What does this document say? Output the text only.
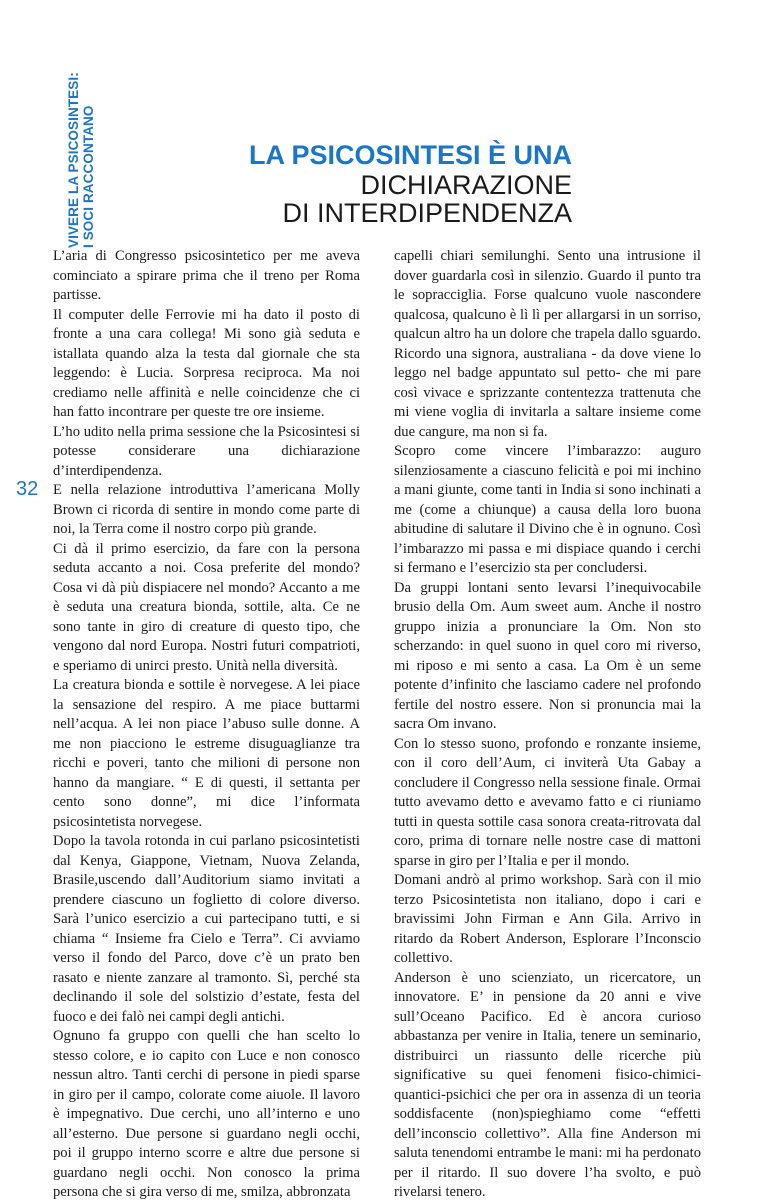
VIVERE LA PSICOSINTESI: I SOCI RACCONTANO	LA PSICOSINTESI È UNA
DICHIARAZIONE
DI INTERDIPENDENZA
32

L’aria di Congresso psicosintetico per me aveva cominciato a spirare prima che il treno per Roma partisse.

Il computer delle Ferrovie mi ha dato il posto di fronte a una cara collega! Mi sono già seduta e istallata quando alza la testa dal giornale che sta leggendo: è Lucia. Sorpresa reciproca. Ma noi crediamo nelle affinità e nelle coincidenze che ci han fatto incontrare per queste tre ore insieme.

L’ho udito nella prima sessione che la Psicosintesi si potesse considerare una dichiarazione d’interdipendenza.

E nella relazione introduttiva l’americana Molly Brown ci ricorda di sentire in mondo come parte di noi, la Terra come il nostro corpo più grande.

Ci dà il primo esercizio, da fare con la persona seduta accanto a noi. Cosa preferite del mondo? Cosa vi dà più dispiacere nel mondo? Accanto a me è seduta una creatura bionda, sottile, alta. Ce ne sono tante in giro di creature di questo tipo, che vengono dal nord Europa. Nostri futuri compatrioti, e speriamo di unirci presto. Unità nella diversità.

La creatura bionda e sottile è norvegese. A lei piace la sensazione del respiro. A me piace buttarmi nell’acqua. A lei non piace l’abuso sulle donne. A me non piacciono le estreme disuguaglianze tra ricchi e poveri, tanto che milioni di persone non hanno da mangiare. “ E di questi, il settanta per cento sono donne”, mi dice l’informata psicosintetista norvegese.

Dopo la tavola rotonda in cui parlano psicosintetisti dal Kenya, Giappone, Vietnam, Nuova Zelanda, Brasile,uscendo dall’Auditorium siamo invitati a prendere ciascuno un foglietto di colore diverso. Sarà l’unico esercizio a cui partecipano tutti, e si chiama “ Insieme fra Cielo e Terra”. Ci avviamo verso il fondo del Parco, dove c’è un prato ben rasato e niente zanzare al tramonto. Sì, perché sta declinando il sole del solstizio d’estate, festa del fuoco e dei falò nei campi degli antichi.

Ognuno fa gruppo con quelli che han scelto lo stesso colore, e io capito con Luce e non conosco nessun altro. Tanti cerchi di persone in piedi sparse in giro per il campo, colorate come aiuole. Il lavoro è impegnativo. Due cerchi, uno all’interno e uno all’esterno. Due persone si guardano negli occhi, poi il gruppo interno scorre e altre due persone si guardano negli occhi. Non conosco la prima persona che si gira verso di me, smilza, abbronzata

capelli chiari semilunghi. Sento una intrusione il dover guardarla così in silenzio. Guardo il punto tra le sopracciglia. Forse qualcuno vuole nascondere qualcosa, qualcuno è lì lì per allargarsi in un sorriso, qualcun altro ha un dolore che trapela dallo sguardo. Ricordo una signora, australiana - da dove viene lo leggo nel badge appuntato sul petto- che mi pare così vivace e sprizzante contentezza trattenuta che mi viene voglia di invitarla a saltare insieme come due cangure, ma non si fa.

Scopro come vincere l’imbarazzo: auguro silenziosamente a ciascuno felicità e poi mi inchino a mani giunte, come tanti in India si sono inchinati a me (come a chiunque) a causa della loro buona abitudine di salutare il Divino che è in ognuno. Così l’imbarazzo mi passa e mi dispiace quando i cerchi si fermano e l’esercizio sta per concludersi.

Da gruppi lontani sento levarsi l’inequivocabile brusio della Om. Aum sweet aum. Anche il nostro gruppo inizia a pronunciare la Om. Non sto scherzando: in quel suono in quel coro mi riverso, mi riposo e mi sento a casa. La Om è un seme potente d’infinito che lasciamo cadere nel profondo fertile del nostro essere. Non si pronuncia mai la sacra Om invano.

Con lo stesso suono, profondo e ronzante insieme, con il coro dell’Aum, ci inviterà Uta Gabay a concludere il Congresso nella sessione finale. Ormai tutto avevamo detto e avevamo fatto e ci riuniamo tutti in questa sottile casa sonora creata-ritrovata dal coro, prima di tornare nelle nostre case di mattoni sparse in giro per l’Italia e per il mondo.

Domani andrò al primo workshop. Sarà con il mio terzo Psicosintetista non italiano, dopo i cari e bravissimi John Firman e Ann Gila. Arrivo in ritardo da Robert Anderson, Esplorare l’Inconscio collettivo.

Anderson è uno scienziato, un ricercatore, un innovatore. E’ in pensione da 20 anni e vive sull’Oceano Pacifico. Ed è ancora curioso abbastanza per venire in Italia, tenere un seminario, distribuirci un riassunto delle ricerche più significative su quei fenomeni fisico-chimici-quantici-psichici che per ora in assenza di un teoria soddisfacente (non)spieghiamo come “effetti dell’inconscio collettivo”. Alla fine Anderson mi saluta tenendomi entrambe le mani: mi ha perdonato per il ritardo. Il suo dovere l’ha svolto, e può rivelarsi tenero.
